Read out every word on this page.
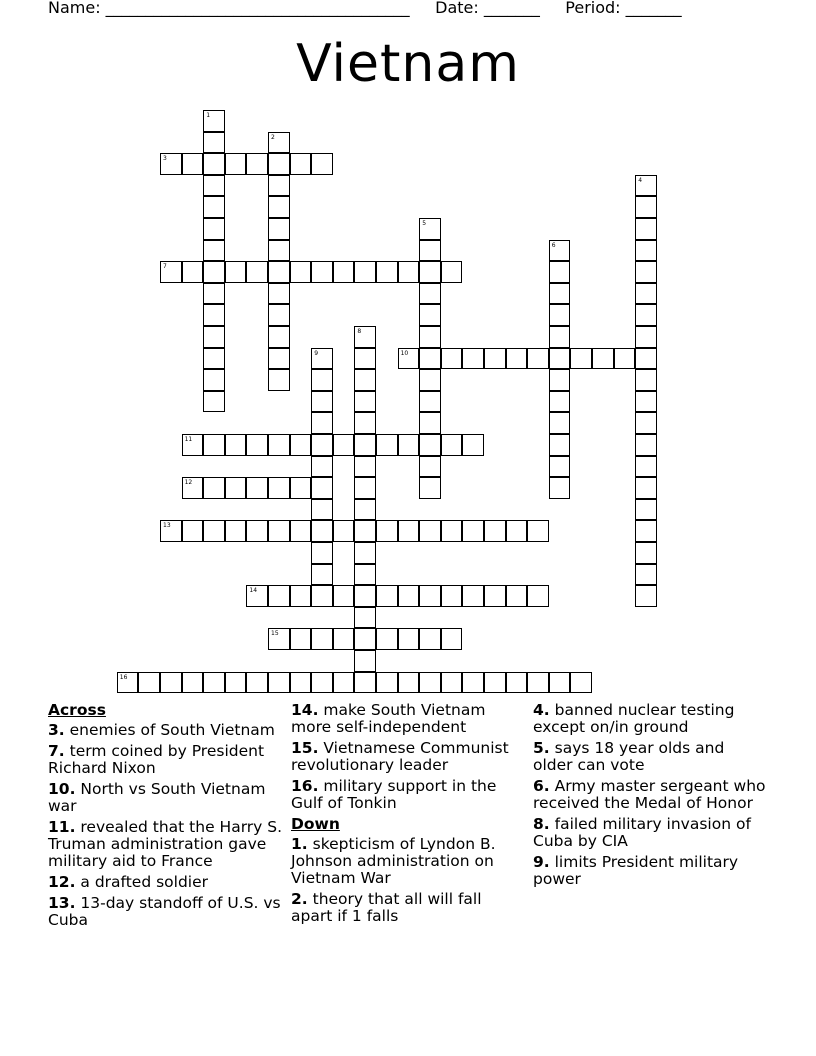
Name: ______________________________________ Date: _______ Period: _______
Vietnam
1
2
3
4
5
6
7
8
9	10
11
12
13
14
15
16
Across
3. enemies of South Vietnam
7. term coined by President Richard Nixon
10. North vs South Vietnam war
11. revealed that the Harry S. Truman administration gave military aid to France
12. a drafted soldier
13. 13-day standoff of U.S. vs Cuba
14. make South Vietnam more self-independent
15. Vietnamese Communist revolutionary leader
16. military support in the Gulf of Tonkin
Down
1. skepticism of Lyndon B. Johnson administration on Vietnam War
2. theory that all will fall apart if 1 falls
4. banned nuclear testing except on/in ground
5. says 18 year olds and older can vote
6. Army master sergeant who received the Medal of Honor
8. failed military invasion of Cuba by CIA
9. limits President military power
